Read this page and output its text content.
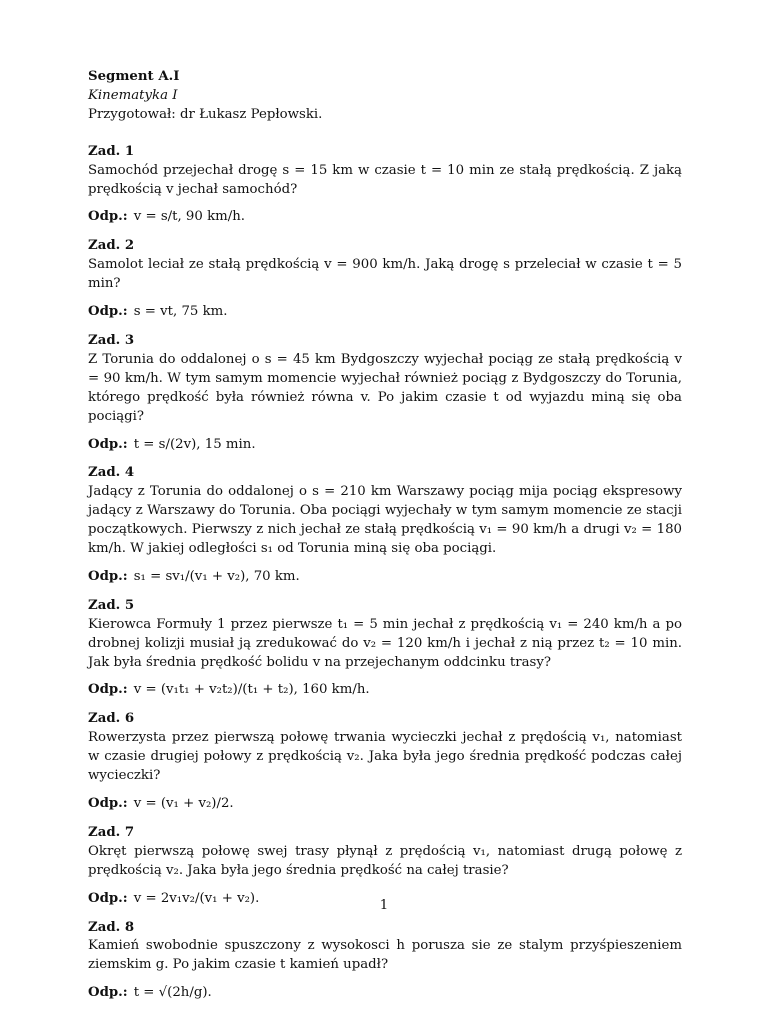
Segment A.I
Kinematyka I
Przygotował: dr Łukasz Pepłowski.
Zad. 1
Samochód przejechał drogę s = 15 km w czasie t = 10 min ze stałą prędkością. Z jaką prędkością v jechał samochód?
Odp.: v = s/t, 90 km/h.
Zad. 2
Samolot leciał ze stałą prędkością v = 900 km/h. Jaką drogę s przeleciał w czasie t = 5 min?
Odp.: s = vt, 75 km.
Zad. 3
Z Torunia do oddalonej o s = 45 km Bydgoszczy wyjechał pociąg ze stałą prędkością v = 90 km/h. W tym samym momencie wyjechał również pociąg z Bydgoszczy do Torunia, którego prędkość była również równa v. Po jakim czasie t od wyjazdu miną się oba pociągi?
Odp.: t = s/(2v), 15 min.
Zad. 4
Jadący z Torunia do oddalonej o s = 210 km Warszawy pociąg mija pociąg ekspresowy jadący z Warszawy do Torunia. Oba pociągi wyjechały w tym samym momencie ze stacji początkowych. Pierwszy z nich jechał ze stałą prędkością v₁ = 90 km/h a drugi v₂ = 180 km/h. W jakiej odległości s₁ od Torunia miną się oba pociągi.
Odp.: s₁ = sv₁/(v₁ + v₂), 70 km.
Zad. 5
Kierowca Formuły 1 przez pierwsze t₁ = 5 min jechał z prędkością v₁ = 240 km/h a po drobnej kolizji musiał ją zredukować do v₂ = 120 km/h i jechał z nią przez t₂ = 10 min. Jak była średnia prędkość bolidu v na przejechanym oddcinku trasy?
Odp.: v = (v₁t₁ + v₂t₂)/(t₁ + t₂), 160 km/h.
Zad. 6
Rowerzysta przez pierwszą połowę trwania wycieczki jechał z prędością v₁, natomiast w czasie drugiej połowy z prędkością v₂. Jaka była jego średnia prędkość podczas całej wycieczki?
Odp.: v = (v₁ + v₂)/2.
Zad. 7
Okręt pierwszą połowę swej trasy płynął z prędością v₁, natomiast drugą połowę z prędkością v₂. Jaka była jego średnia prędkość na całej trasie?
Odp.: v = 2v₁v₂/(v₁ + v₂).
Zad. 8
Kamień swobodnie spuszczony z wysokosci h porusza sie ze stalym przyśpieszeniem ziemskim g. Po jakim czasie t kamień upadł?
Odp.: t = √(2h/g).
1
